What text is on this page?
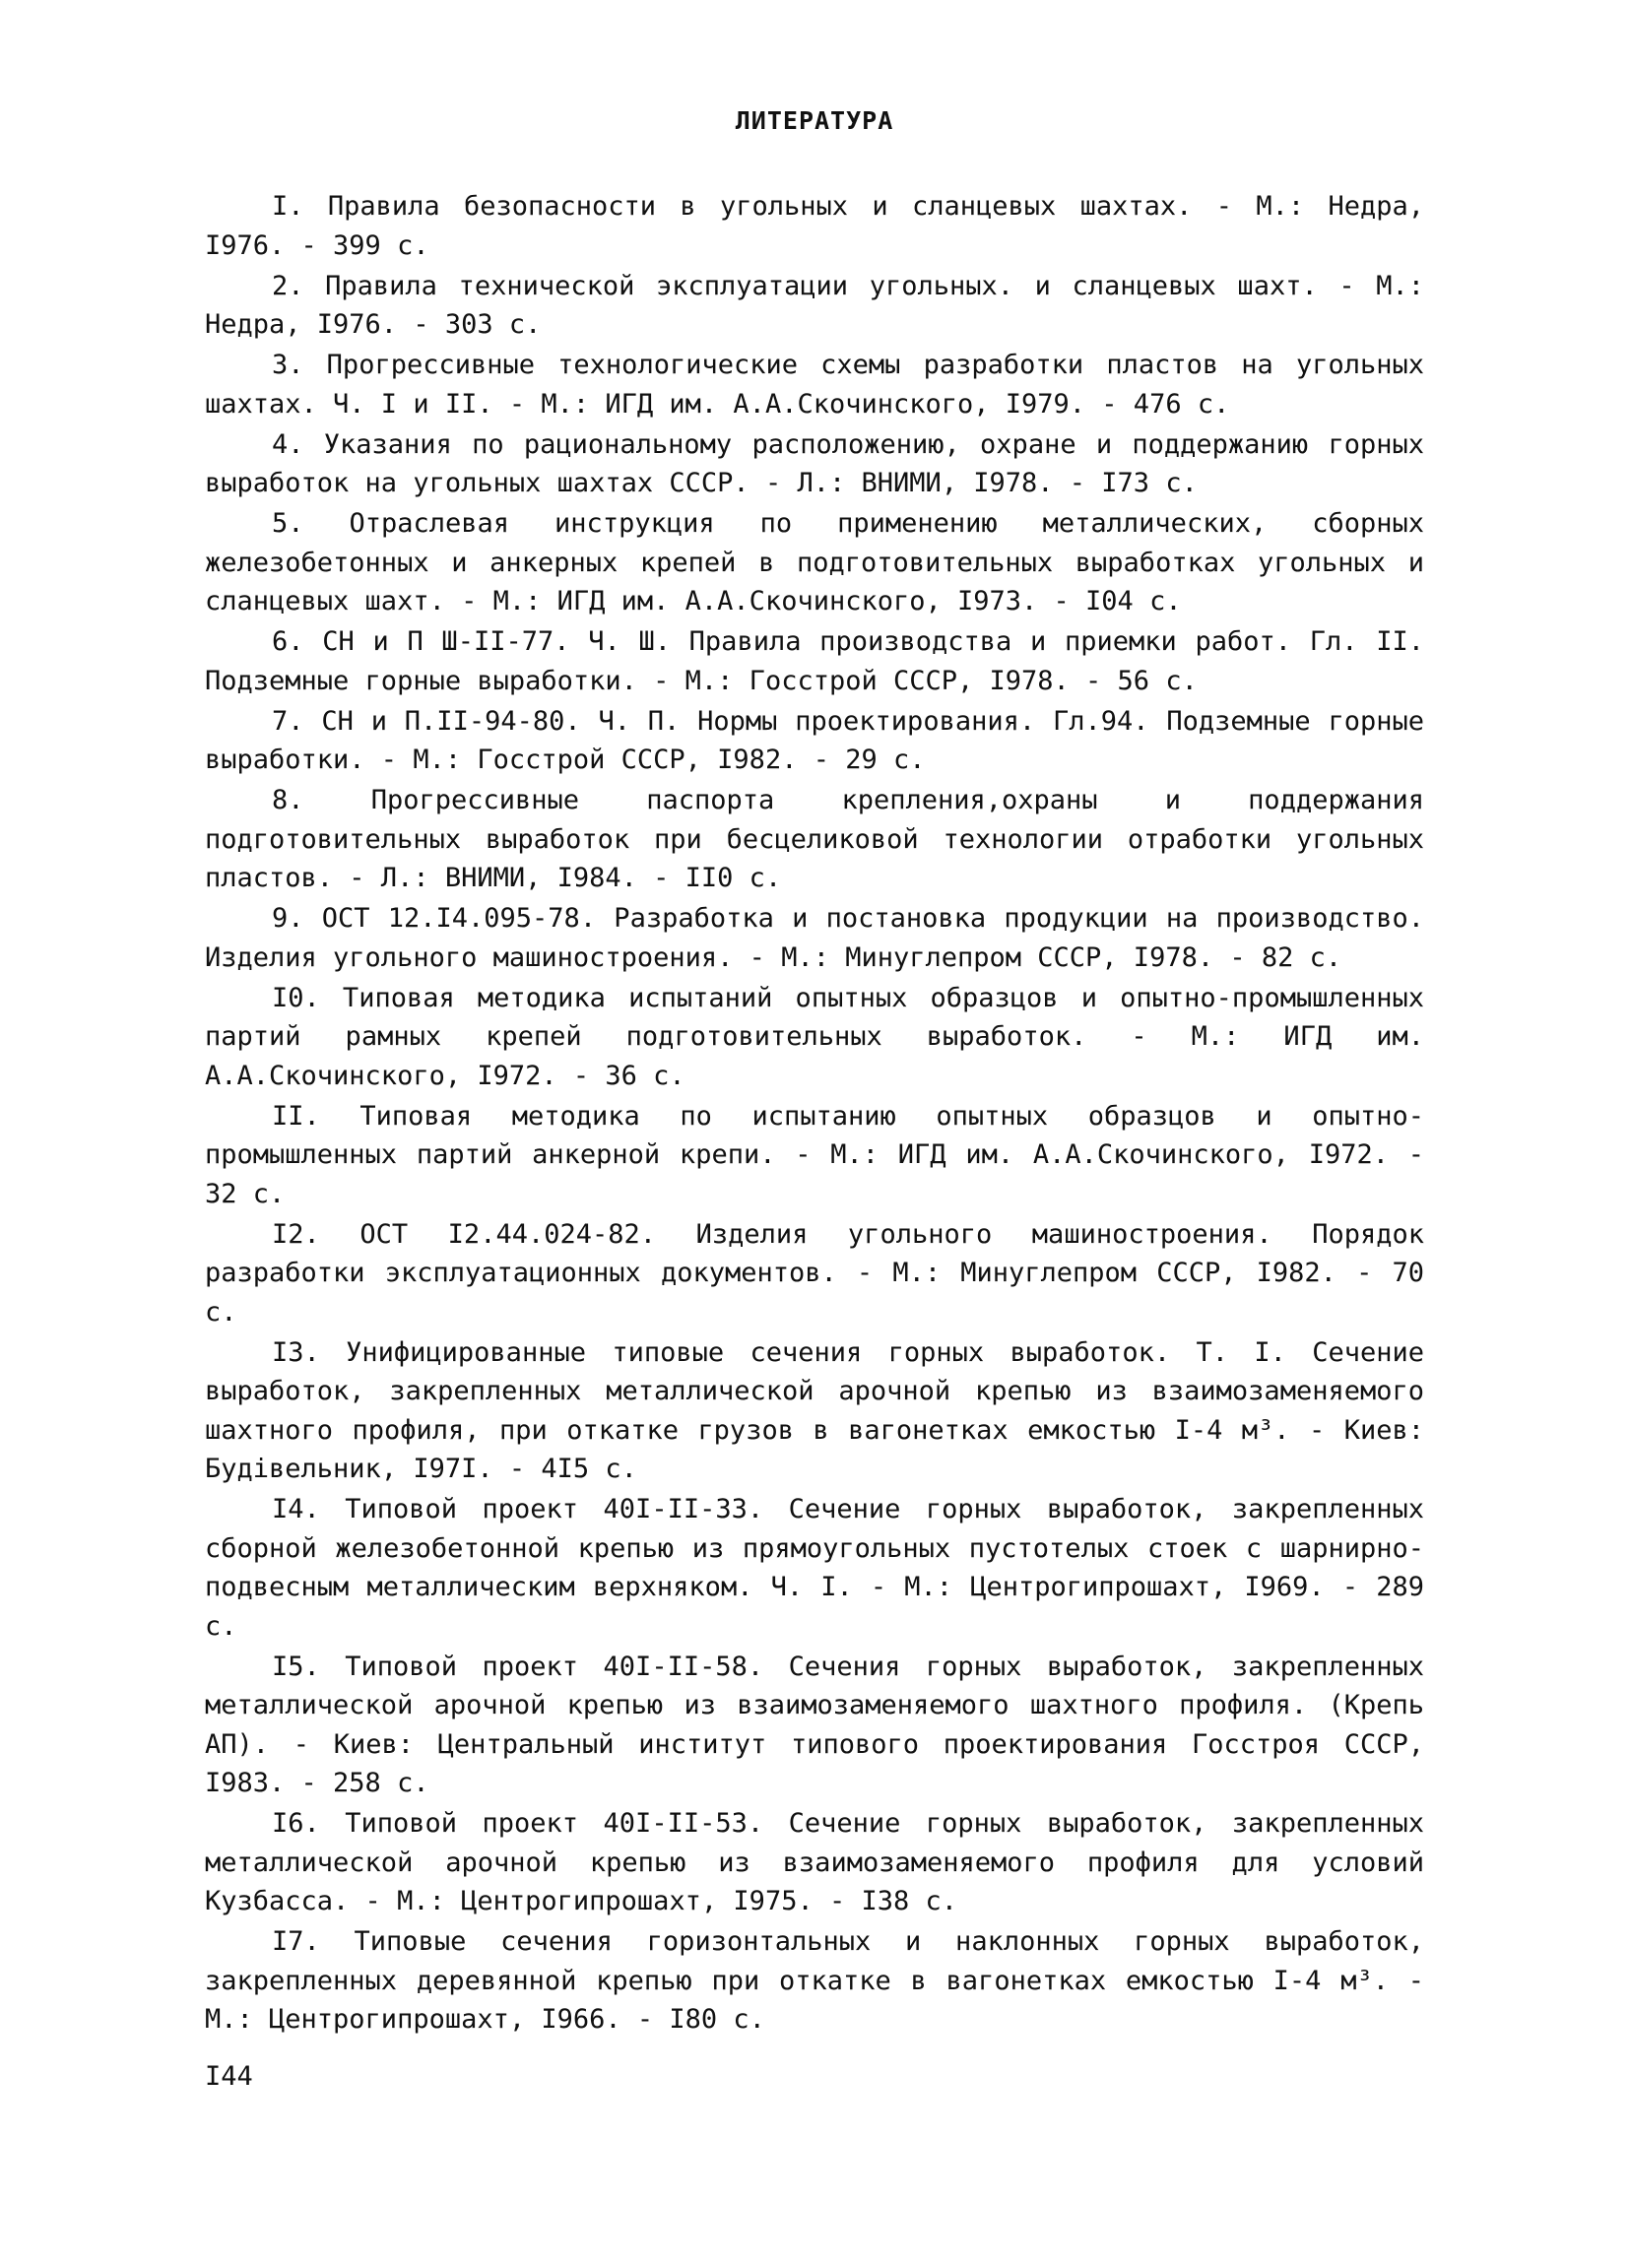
ЛИТЕРАТУРА

I. Правила безопасности в угольных и сланцевых шахтах. - М.: Недра, I976. - 399 с.

2. Правила технической эксплуатации угольных. и сланцевых шахт. - М.: Недра, I976. - 303 с.

3. Прогрессивные технологические схемы разработки пластов на угольных шахтах. Ч. I и II. - М.: ИГД им. А.А.Скочинского, I979. - 476 с.

4. Указания по рациональному расположению, охране и поддержанию горных выработок на угольных шахтах СССР. - Л.: ВНИМИ, I978. - I73 с.

5. Отраслевая инструкция по применению металлических, сборных железобетонных и анкерных крепей в подготовительных выработках угольных и сланцевых шахт. - М.: ИГД им. А.А.Скочинского, I973. - I04 с.

6. СН и П Ш-II-77. Ч. Ш. Правила производства и приемки работ. Гл. II. Подземные горные выработки. - М.: Госстрой СССР, I978. - 56 с.

7. СН и П.II-94-80. Ч. П. Нормы проектирования. Гл.94. Подземные горные выработки. - М.: Госстрой СССР, I982. - 29 с.

8. Прогрессивные паспорта крепления,охраны и поддержания подготовительных выработок при бесцеликовой технологии отработки угольных пластов. - Л.: ВНИМИ, I984. - II0 с.

9. ОСТ 12.I4.095-78. Разработка и постановка продукции на производство. Изделия угольного машиностроения. - М.: Минуглепром СССР, I978. - 82 с.

I0. Типовая методика испытаний опытных образцов и опытно-промышленных партий рамных крепей подготовительных выработок. - М.: ИГД им. А.А.Скочинского, I972. - 36 с.

II. Типовая методика по испытанию опытных образцов и опытно-промышленных партий анкерной крепи. - М.: ИГД им. А.А.Скочинского, I972. - 32 с.

I2. ОСТ I2.44.024-82. Изделия угольного машиностроения. Порядок разработки эксплуатационных документов. - М.: Минуглепром СССР, I982. - 70 с.

I3. Унифицированные типовые сечения горных выработок. Т. I. Сечение выработок, закрепленных металлической арочной крепью из взаимозаменяемого шахтного профиля, при откатке грузов в вагонетках емкостью I-4 м³. - Киев: Будівельник, I97I. - 4I5 с.

I4. Типовой проект 40I-II-33. Сечение горных выработок, закрепленных сборной железобетонной крепью из прямоугольных пустотелых стоек с шарнирно-подвесным металлическим верхняком. Ч. I. - М.: Центрогипрошахт, I969. - 289 с.

I5. Типовой проект 40I-II-58. Сечения горных выработок, закрепленных металлической арочной крепью из взаимозаменяемого шахтного профиля. (Крепь АП). - Киев: Центральный институт типового проектирования Госстроя СССР, I983. - 258 с.

I6. Типовой проект 40I-II-53. Сечение горных выработок, закрепленных металлической арочной крепью из взаимозаменяемого профиля для условий Кузбасса. - М.: Центрогипрошахт, I975. - I38 с.

I7. Типовые сечения горизонтальных и наклонных горных выработок, закрепленных деревянной крепью при откатке в вагонетках емкостью I-4 м³. - М.: Центрогипрошахт, I966. - I80 с.

I44
